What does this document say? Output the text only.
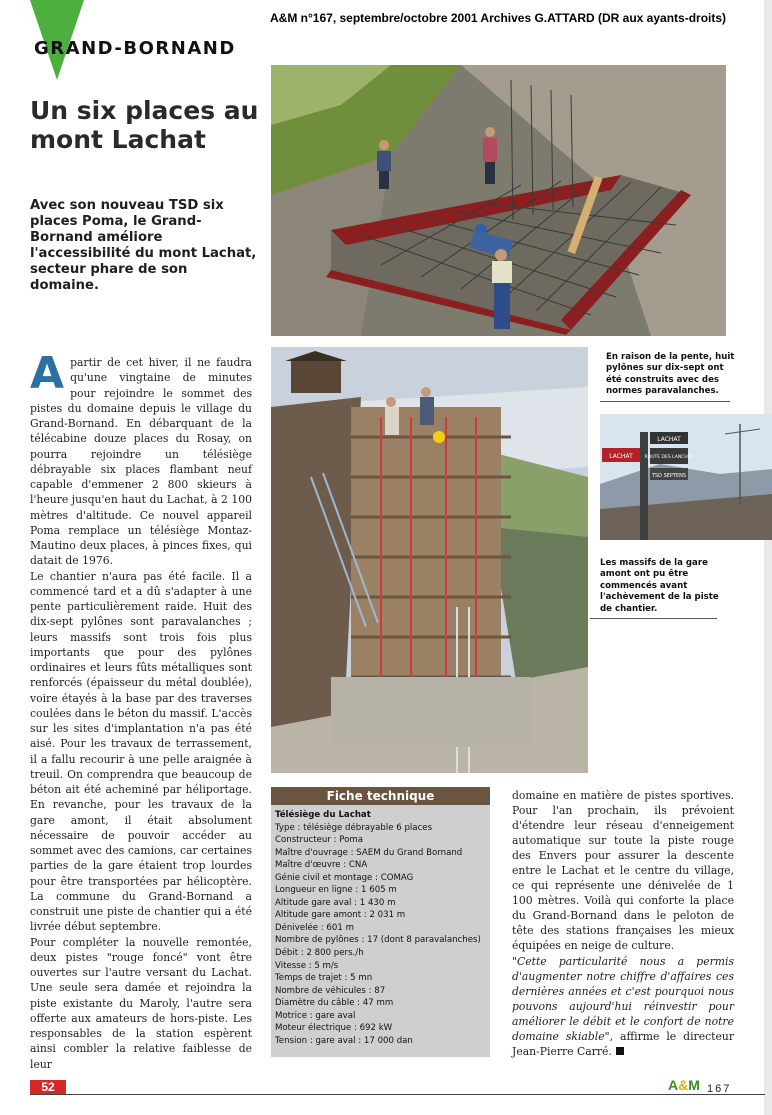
A&M n°167, septembre/octobre 2001 Archives G.ATTARD (DR aux ayants-droits)
GRAND-BORNAND
Un six places au mont Lachat

Avec son nouveau TSD six places Poma, le Grand-Bornand améliore l'accessibilité du mont Lachat, secteur phare de son domaine.

Apartir de cet hiver, il ne faudra qu'une vingtaine de minutes pour rejoindre le sommet des pistes du domaine depuis le village du Grand-Bornand. En débarquant de la télécabine douze places du Rosay, on pourra rejoindre un télésiège débrayable six places flambant neuf capable d'emmener 2 800 skieurs à l'heure jusqu'en haut du Lachat, à 2 100 mètres d'altitude. Ce nouvel appareil Poma remplace un télésiège Montaz-Mautino deux places, à pinces fixes, qui datait de 1976.

Le chantier n'aura pas été facile. Il a commencé tard et a dû s'adapter à une pente particulièrement raide. Huit des dix-sept pylônes sont paravalanches ; leurs massifs sont trois fois plus importants que pour des pylônes ordinaires et leurs fûts métalliques sont renforcés (épaisseur du métal doublée), voire étayés à la base par des traverses coulées dans le béton du massif. L'accès sur les sites d'implantation n'a pas été aisé. Pour les travaux de terrassement, il a fallu recourir à une pelle araignée à treuil. On comprendra que beaucoup de béton ait été acheminé par héliportage. En revanche, pour les travaux de la gare amont, il était absolument nécessaire de pouvoir accéder au sommet avec des camions, car certaines parties de la gare étaient trop lourdes pour être transportées par hélicoptère. La commune du Grand-Bornand a construit une piste de chantier qui a été livrée début septembre.

Pour compléter la nouvelle remontée, deux pistes "rouge foncé" vont être ouvertes sur l'autre versant du Lachat. Une seule sera damée et rejoindra la piste existante du Maroly, l'autre sera offerte aux amateurs de hors-piste. Les responsables de la station espèrent ainsi combler la relative faiblesse de leur

LACHAT
LACHAT
ROUTE DES LANCHES
TSD SEPTENS

En raison de la pente, huit pylônes sur dix-sept ont été construits avec des normes paravalanches.

Les massifs de la gare amont ont pu être commencés avant l'achèvement de la piste de chantier.

Fiche technique
Télésiège du Lachat
Type : télésiège débrayable 6 places
Constructeur : Poma
Maître d'ouvrage : SAEM du Grand Bornand
Maître d'œuvre : CNA
Génie civil et montage : COMAG
Longueur en ligne : 1 605 m
Altitude gare aval : 1 430 m
Altitude gare amont : 2 031 m
Dénivelée : 601 m
Nombre de pylônes : 17 (dont 8 paravalanches)
Débit : 2 800 pers./h
Vitesse : 5 m/s
Temps de trajet : 5 mn
Nombre de véhicules : 87
Diamètre du câble : 47 mm
Motrice : gare aval
Moteur électrique : 692 kW
Tension : gare aval : 17 000 dan

domaine en matière de pistes sportives. Pour l'an prochain, ils prévoient d'étendre leur réseau d'enneigement automatique sur toute la piste rouge des Envers pour assurer la descente entre le Lachat et le centre du village, ce qui représente une dénivelée de 1 100 mètres. Voilà qui conforte la place du Grand-Bornand dans le peloton de tête des stations françaises les mieux équipées en neige de culture.

"Cette particularité nous a permis d'augmenter notre chiffre d'affaires ces dernières années et c'est pourquoi nous pouvons aujourd'hui réinvestir pour améliorer le débit et le confort de notre domaine skiable", affirme le directeur Jean-Pierre Carré.

52	A&M 167
